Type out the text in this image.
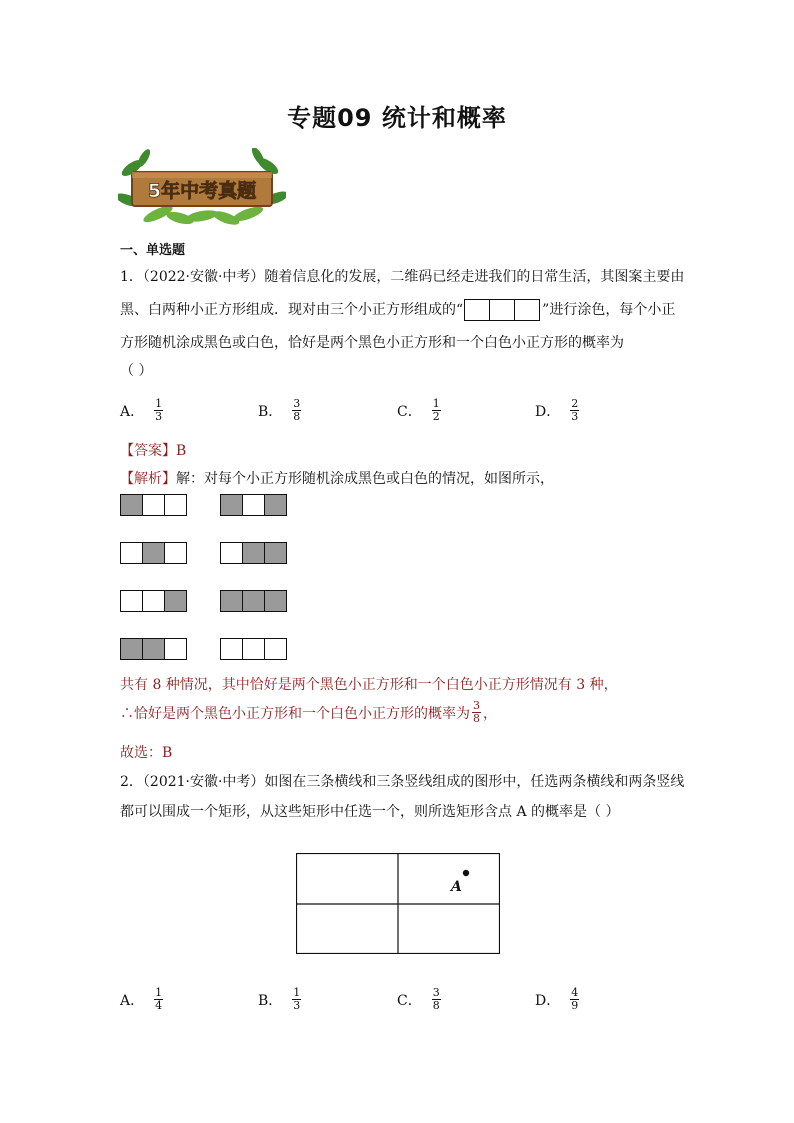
专题09 统计和概率
5年中考真题
一、单选题
1．（2022·安徽·中考）随着信息化的发展，二维码已经走进我们的日常生活，其图案主要由
黑、白两种小正方形组成．现对由三个小正方形组成的“	”进行涂色，每个小正
方形随机涂成黑色或白色，恰好是两个黑色小正方形和一个白色小正方形的概率为
（ ）
A． $\frac{1}{3}$	B． $\frac{3}{8}$	C． $\frac{1}{2}$	D． $\frac{2}{3}$
【答案】B
【解析】解：对每个小正方形随机涂成黑色或白色的情况，如图所示，
共有 8 种情况，其中恰好是两个黑色小正方形和一个白色小正方形情况有 3 种，
∴恰好是两个黑色小正方形和一个白色小正方形的概率为 $\frac{3}{8}$ ，
故选：B
2．（2021·安徽·中考）如图在三条横线和三条竖线组成的图形中，任选两条横线和两条竖线
都可以围成一个矩形，从这些矩形中任选一个，则所选矩形含点 A 的概率是（ ）
A
A． $\frac{1}{4}$	B． $\frac{1}{3}$	C． $\frac{3}{8}$	D． $\frac{4}{9}$
